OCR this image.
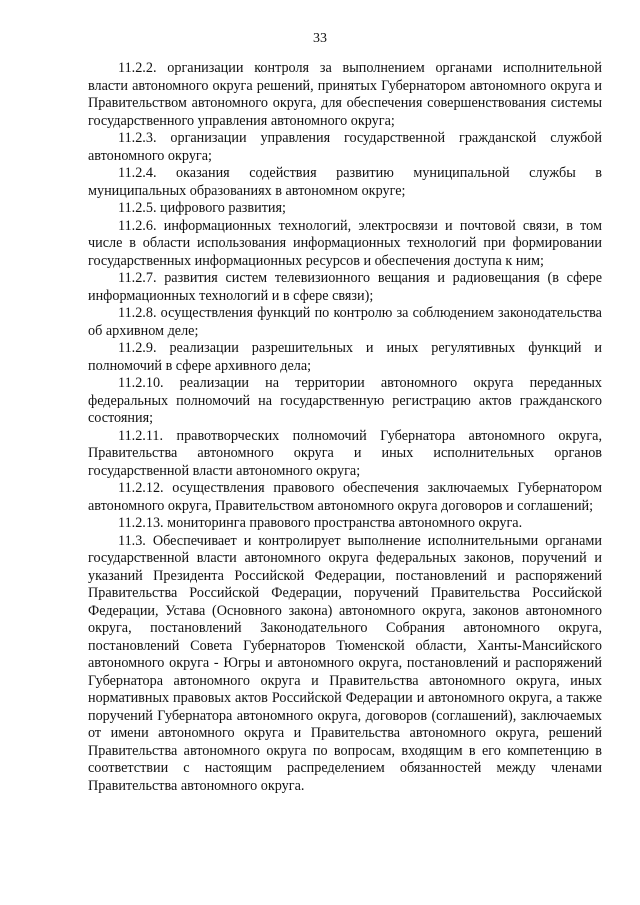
33

11.2.2. организации контроля за выполнением органами исполнительной власти автономного округа решений, принятых Губернатором автономного округа и Правительством автономного округа, для обеспечения совершенствования системы государственного управления автономного округа;

11.2.3. организации управления государственной гражданской службой автономного округа;

11.2.4. оказания содействия развитию муниципальной службы в муниципальных образованиях в автономном округе;

11.2.5. цифрового развития;

11.2.6. информационных технологий, электросвязи и почтовой связи, в том числе в области использования информационных технологий при формировании государственных информационных ресурсов и обеспечения доступа к ним;

11.2.7. развития систем телевизионного вещания и радиовещания (в сфере информационных технологий и в сфере связи);

11.2.8. осуществления функций по контролю за соблюдением законодательства об архивном деле;

11.2.9. реализации разрешительных и иных регулятивных функций и полномочий в сфере архивного дела;

11.2.10. реализации на территории автономного округа переданных федеральных полномочий на государственную регистрацию актов гражданского состояния;

11.2.11. правотворческих полномочий Губернатора автономного округа, Правительства автономного округа и иных исполнительных органов государственной власти автономного округа;

11.2.12. осуществления правового обеспечения заключаемых Губернатором автономного округа, Правительством автономного округа договоров и соглашений;

11.2.13. мониторинга правового пространства автономного округа.

11.3. Обеспечивает и контролирует выполнение исполнительными органами государственной власти автономного округа федеральных законов, поручений и указаний Президента Российской Федерации, постановлений и распоряжений Правительства Российской Федерации, поручений Правительства Российской Федерации, Устава (Основного закона) автономного округа, законов автономного округа, постановлений Законодательного Собрания автономного округа, постановлений Совета Губернаторов Тюменской области, Ханты-Мансийского автономного округа - Югры и автономного округа, постановлений и распоряжений Губернатора автономного округа и Правительства автономного округа, иных нормативных правовых актов Российской Федерации и автономного округа, а также поручений Губернатора автономного округа, договоров (соглашений), заключаемых от имени автономного округа и Правительства автономного округа, решений Правительства автономного округа по вопросам, входящим в его компетенцию в соответствии с настоящим распределением обязанностей между членами Правительства автономного округа.
